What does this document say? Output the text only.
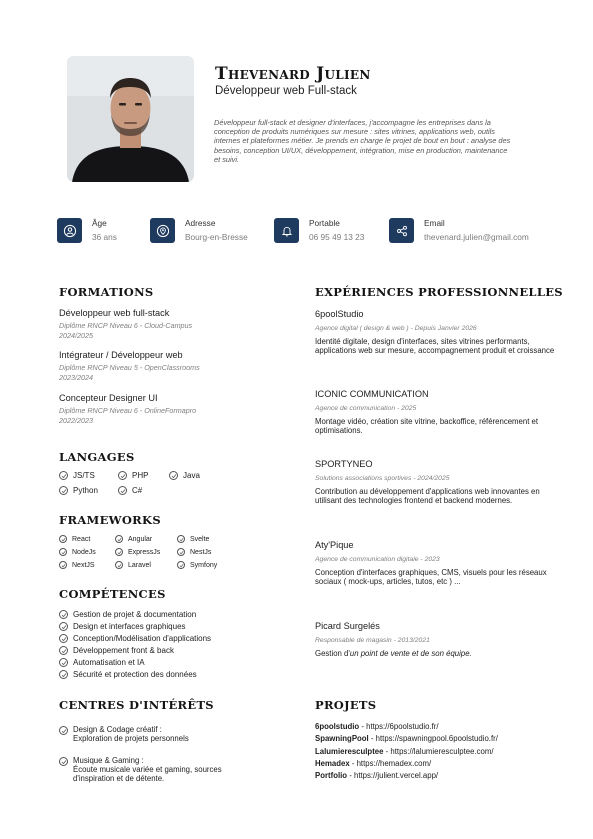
Thevenard Julien
Développeur web Full-stack
Développeur full-stack et designer d'interfaces, j'accompagne les entreprises dans la conception de produits numériques sur mesure : sites vitrines, applications web, outils internes et plateformes métier. Je prends en charge le projet de bout en bout : analyse des besoins, conception UI/UX, développement, intégration, mise en production, maintenance et suivi.
Âge
36 ans
Adresse
Bourg-en-Bresse
Portable
06 95 49 13 23
Email
thevenard.julien@gmail.com
FORMATIONS
Développeur web full-stack
Diplôme RNCP Niveau 6 - Cloud-Campus
2024/2025
Intégrateur / Développeur web
Diplôme RNCP Niveau 5 - OpenClassrooms
2023/2024
Concepteur Designer UI
Diplôme RNCP Niveau 6 - OnlineFormapro
2022/2023
LANGAGES
JS/TS	PHP	Java
Python	C#
FRAMEWORKS
React	Angular	Svelte
NodeJs	ExpressJs	NestJs
NextJS	Laravel	Symfony
COMPÉTENCES
Gestion de projet & documentation
Design et interfaces graphiques
Conception/Modélisation d'applications
Développement front & back
Automatisation et IA
Sécurité et protection des données
CENTRES D'INTÉRÊTS
Design & Codage créatif :
Exploration de projets personnels
Musique & Gaming :
Écoute musicale variée et gaming, sources
d'inspiration et de détente.
EXPÉRIENCES PROFESSIONNELLES
6poolStudio
Agence digital ( design & web ) - Depuis Janvier 2026
Identité digitale, design d'interfaces, sites vitrines performants, applications web sur mesure, accompagnement produit et croissance
ICONIC COMMUNICATION
Agence de communication - 2025
Montage vidéo, création site vitrine, backoffice, référencement et optimisations.
SPORTYNEO
Solutions associations sportives - 2024/2025
Contribution au développement d'applications web innovantes en utilisant des technologies frontend et backend modernes.
Aty'Pique
Agence de communication digitale - 2023
Conception d'interfaces graphiques, CMS, visuels pour les réseaux sociaux ( mock-ups, articles, tutos, etc ) ...
Picard Surgelés
Responsable de magasin - 2013/2021
Gestion d'un point de vente et de son équipe.
PROJETS
6poolstudio - https://6poolstudio.fr/
SpawningPool - https://spawningpool.6poolstudio.fr/
Lalumieresculptee - https://lalumieresculptee.com/
Hemadex - https://hemadex.com/
Portfolio - https://julient.vercel.app/
